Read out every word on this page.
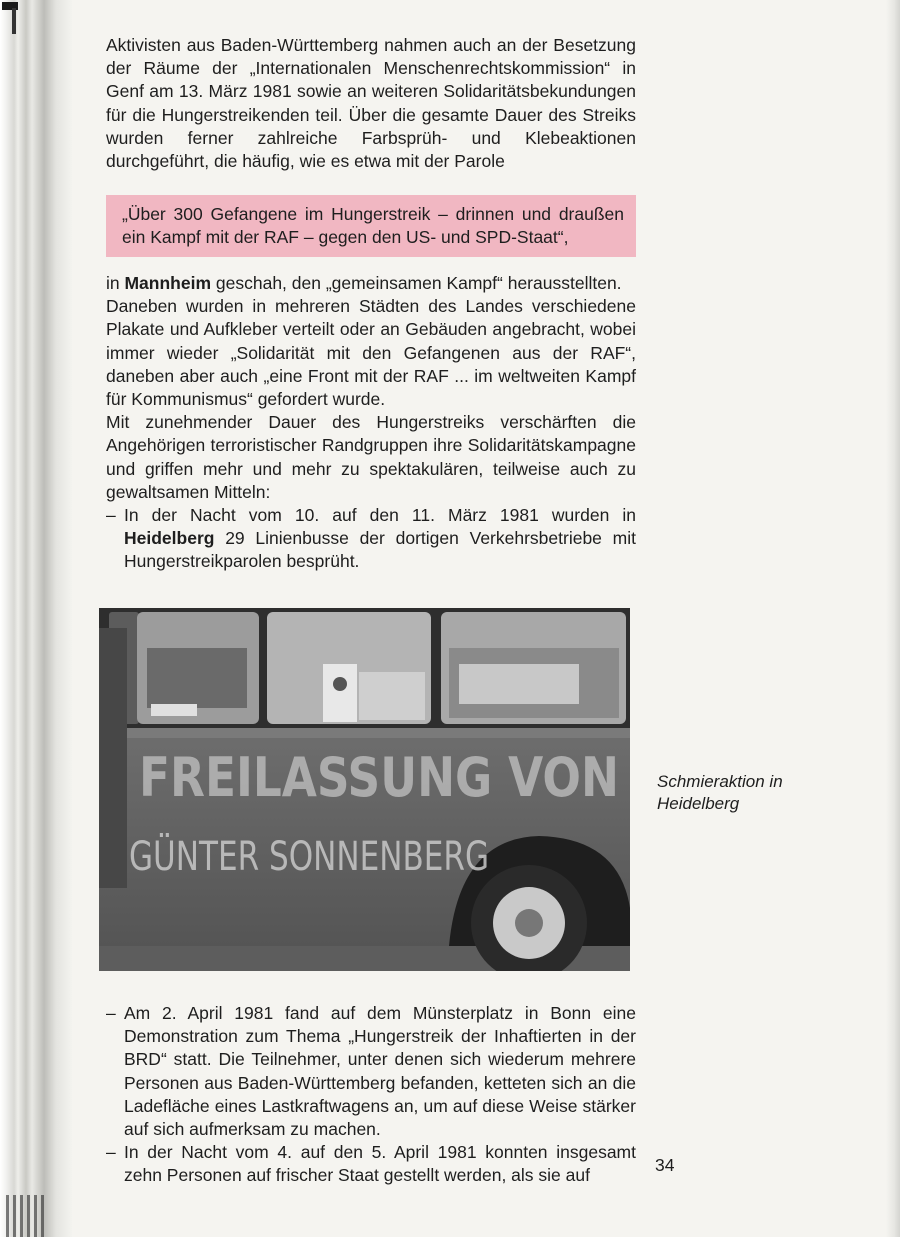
Aktivisten aus Baden-Württemberg nahmen auch an der Besetzung der Räume der „Internationalen Menschenrechtskommission“ in Genf am 13. März 1981 sowie an weiteren Solidaritätsbekundungen für die Hungerstreikenden teil. Über die gesamte Dauer des Streiks wurden ferner zahlreiche Farbsprüh- und Klebeaktionen durchgeführt, die häufig, wie es etwa mit der Parole

„Über 300 Gefangene im Hungerstreik – drinnen und draußen ein Kampf mit der RAF – gegen den US- und SPD-Staat“,

in Mannheim geschah, den „gemeinsamen Kampf“ herausstellten.

Daneben wurden in mehreren Städten des Landes verschiedene Plakate und Aufkleber verteilt oder an Gebäuden angebracht, wobei immer wieder „Solidarität mit den Gefangenen aus der RAF“, daneben aber auch „eine Front mit der RAF ... im weltweiten Kampf für Kommunismus“ gefordert wurde.

Mit zunehmender Dauer des Hungerstreiks verschärften die Angehörigen terroristischer Randgruppen ihre Solidaritätskampagne und griffen mehr und mehr zu spektakulären, teilweise auch zu gewaltsamen Mitteln:

– In der Nacht vom 10. auf den 11. März 1981 wurden in Heidelberg 29 Linienbusse der dortigen Verkehrsbetriebe mit Hungerstreikparolen besprüht.
FREILASSUNG VON
GÜNTER SONNENBERG
Schmieraktion in Heidelberg
– Am 2. April 1981 fand auf dem Münsterplatz in Bonn eine Demonstration zum Thema „Hungerstreik der Inhaftierten in der BRD“ statt. Die Teilnehmer, unter denen sich wiederum mehrere Personen aus Baden-Württemberg befanden, ketteten sich an die Ladefläche eines Lastkraftwagens an, um auf diese Weise stärker auf sich aufmerksam zu machen.
– In der Nacht vom 4. auf den 5. April 1981 konnten insgesamt zehn Personen auf frischer Staat gestellt werden, als sie auf
34
